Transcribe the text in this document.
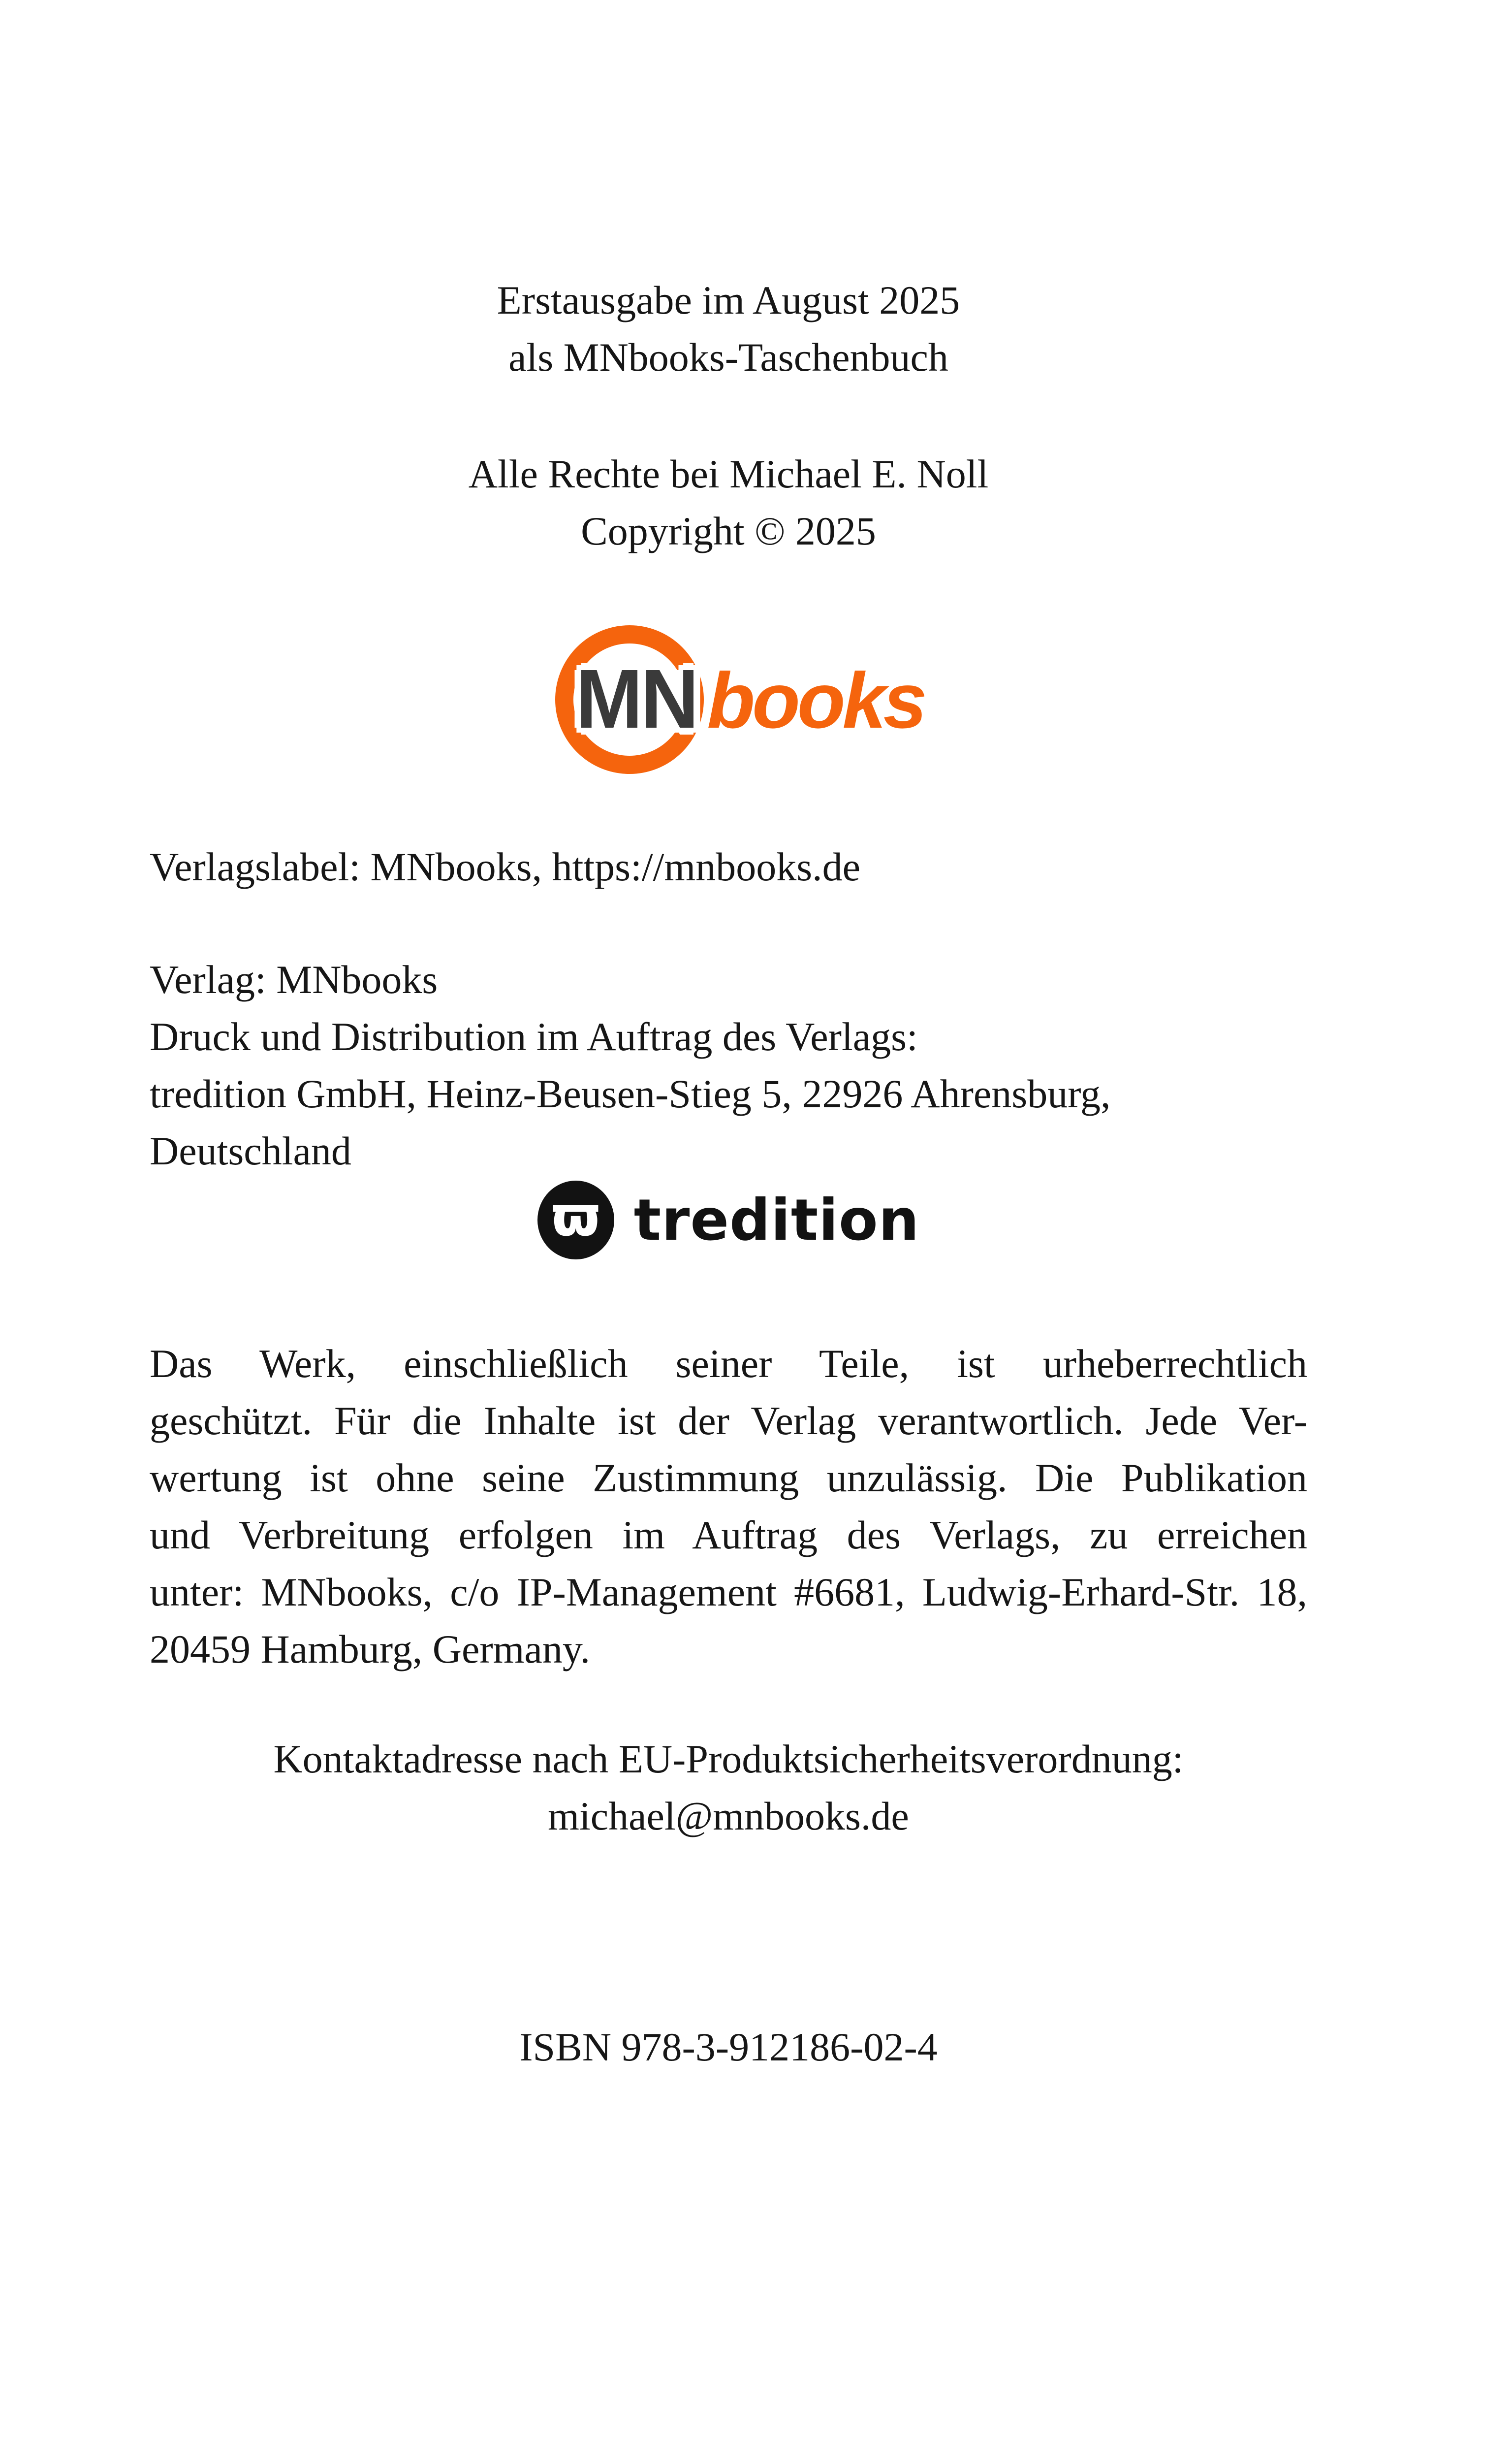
Erstausgabe im August 2025
als MNbooks-Taschenbuch
Alle Rechte bei Michael E. Noll
Copyright © 2025
MN books
Verlagslabel: MNbooks, https://mnbooks.de
Verlag: MNbooks
Druck und Distribution im Auftrag des Verlags:
tredition GmbH, Heinz-Beusen-Stieg 5, 22926 Ahrensburg,
Deutschland
ϖ tredition
Das Werk, einschließlich seiner Teile, ist urheberrechtlich
geschützt. Für die Inhalte ist der Verlag verantwortlich. Jede Ver-
wertung ist ohne seine Zustimmung unzulässig. Die Publikation
und Verbreitung erfolgen im Auftrag des Verlags, zu erreichen
unter: MNbooks, c/o IP-Management #6681, Ludwig-Erhard-Str. 18,
20459 Hamburg, Germany.
Kontaktadresse nach EU-Produktsicherheitsverordnung:
michael@mnbooks.de
ISBN 978-3-912186-02-4
